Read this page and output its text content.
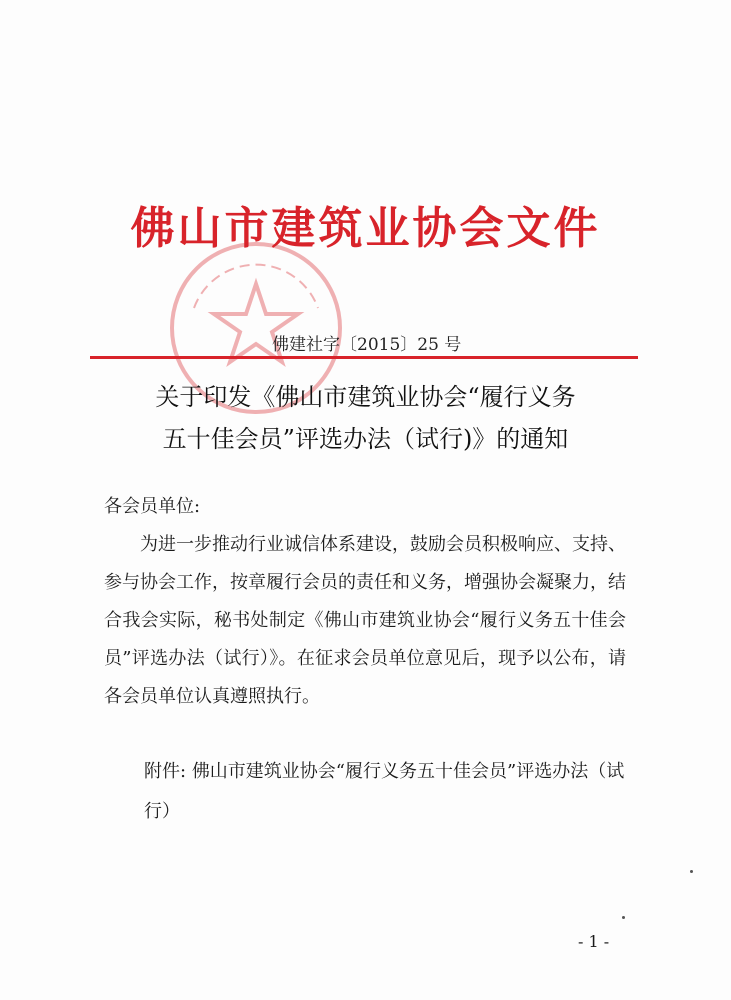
佛山市建筑业协会文件
佛建社字〔2015〕25 号
关于印发《佛山市建筑业协会“履行义务
五十佳会员”评选办法（试行)》的通知
各会员单位:
为进一步推动行业诚信体系建设，鼓励会员积极响应、支持、参与协会工作，按章履行会员的责任和义务，增强协会凝聚力，结合我会实际，秘书处制定《佛山市建筑业协会“履行义务五十佳会员”评选办法（试行）》。在征求会员单位意见后，现予以公布，请各会员单位认真遵照执行。
附件: 佛山市建筑业协会“履行义务五十佳会员”评选办法（试行）
- 1 -
